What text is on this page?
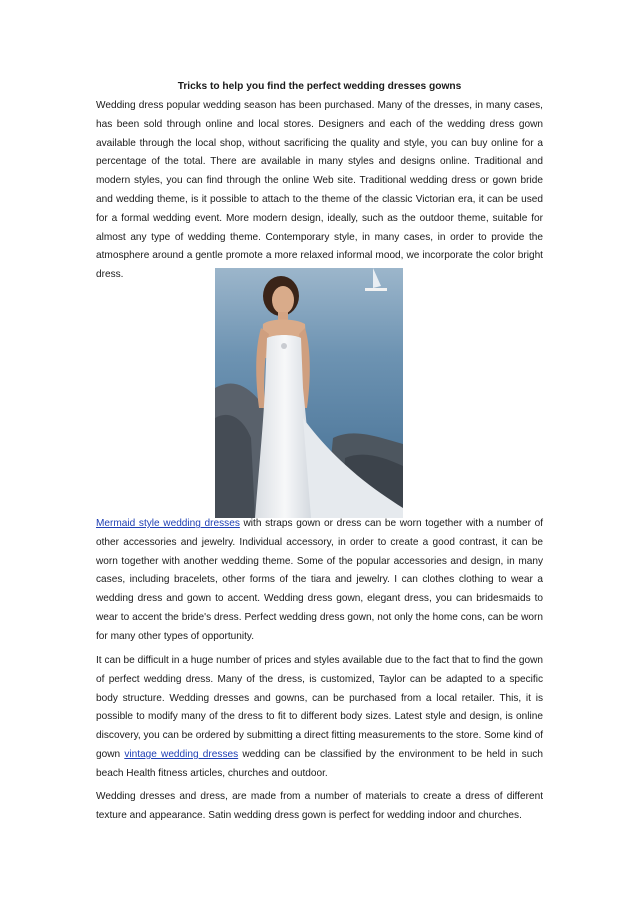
Tricks to help you find the perfect wedding dresses gowns

Wedding dress popular wedding season has been purchased. Many of the dresses, in many cases, has been sold through online and local stores. Designers and each of the wedding dress gown available through the local shop, without sacrificing the quality and style, you can buy online for a percentage of the total. There are available in many styles and designs online. Traditional and modern styles, you can find through the online Web site. Traditional wedding dress or gown bride and wedding theme, is it possible to attach to the theme of the classic Victorian era, it can be used for a formal wedding event. More modern design, ideally, such as the outdoor theme, suitable for almost any type of wedding theme. Contemporary style, in many cases, in order to provide the atmosphere around a gentle promote a more relaxed informal mood, we incorporate the color bright dress.

Mermaid style wedding dresses with straps gown or dress can be worn together with a number of other accessories and jewelry. Individual accessory, in order to create a good contrast, it can be worn together with another wedding theme. Some of the popular accessories and design, in many cases, including bracelets, other forms of the tiara and jewelry. I can clothes clothing to wear a wedding dress and gown to accent. Wedding dress gown, elegant dress, you can bridesmaids to wear to accent the bride's dress. Perfect wedding dress gown, not only the home cons, can be worn for many other types of opportunity.

It can be difficult in a huge number of prices and styles available due to the fact that to find the gown of perfect wedding dress. Many of the dress, is customized, Taylor can be adapted to a specific body structure. Wedding dresses and gowns, can be purchased from a local retailer. This, it is possible to modify many of the dress to fit to different body sizes. Latest style and design, is online discovery, you can be ordered by submitting a direct fitting measurements to the store. Some kind of gown vintage wedding dresses wedding can be classified by the environment to be held in such beach Health fitness articles, churches and outdoor.

Wedding dresses and dress, are made from a number of materials to create a dress of different texture and appearance. Satin wedding dress gown is perfect for wedding indoor and churches.
